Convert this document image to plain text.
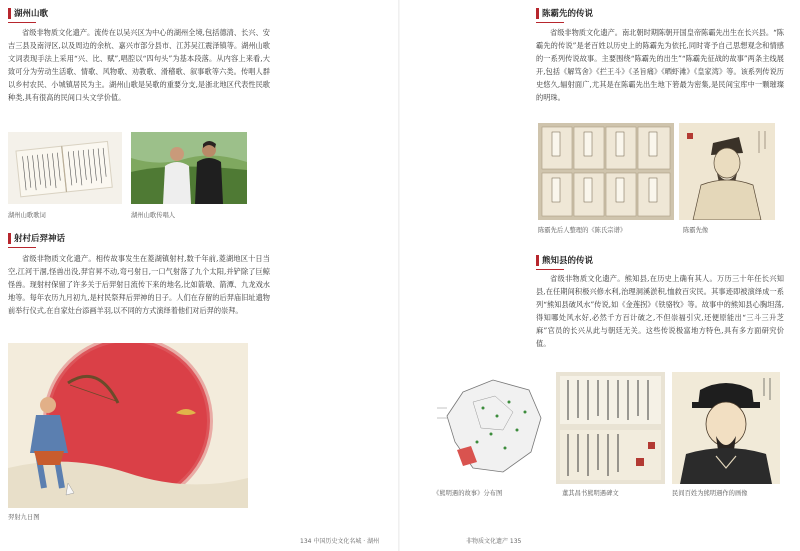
湖州山歌
省级非物质文化遗产。流传在以吴兴区为中心的湖州全境,包括德清、长兴、安吉三县及南浔区,以及周边的余杭、嘉兴市部分县市、江苏吴江震泽镇等。湖州山歌文词表现手法上采用“兴、比、赋”,唱腔以“四句头”为基本段落。从内容上来看,大致可分为劳动生活歌、情歌、风物歌、劝教歌、滑稽歌、叙事歌等六类。传唱人群以乡村农民、小城镇居民为主。湖州山歌是吴歌的重要分支,是浙北地区代表性民歌种类,具有很高的民间口头文学价值。
湖州山歌歌词	湖州山歌传唱人
射村后羿神话
省级非物质文化遗产。相传故事发生在菱湖镇射村,数千年前,菱湖地区十日当空,江河干涸,怪兽出没,羿官昇不动,弯弓射日,一口气射落了九个太阳,并铲除了巨鲸怪兽。现射村保留了许多关于后羿射日流传下来的地名,比如箭墩、箭潭、九龙戏水地等。每年农历九月初九,是村民祭拜后羿神的日子。人们在存留的后羿庙旧址遗物前举行仪式,在自家灶台添画羊羽,以不同的方式演绎着他们对后羿的崇拜。
羿射九日图
134 中国历史文化名城 · 湖州
陈霸先的传说
省级非物质文化遗产。南北朝时期陈朝开国皇帝陈霸先出生在长兴县。“陈霸先的传说”是老百姓以历史上的陈霸先为依托,同时寄予自己思想观念和情感的一系列传说故事。主要围绕“陈霸先的出生”“陈霸先征战的故事”两条主线展开,包括《解笃舍》《拦王斗》《圣旨痛》《晒虾滩》《皇家湾》等。该系列传说历史悠久,辐射面广,尤其是在陈霸先出生地下箬最为密集,是民间宝库中一颗璀璨的明珠。
陈霸先后人整理的《陈氏宗谱》	陈霸先像
熊知县的传说
省级非物质文化遗产。熊知县,在历史上确有其人。万历三十年任长兴知县,在任期间积极兴修水利,治理洞溪淤积,恤救百灾民。其事迹即被演绎成一系列“熊知县破风水”传说,如《金莲拐》《铁骆牧》等。故事中的熊知县心胸坦荡,得知哪处风水好,必然千方百计破之,不但崇福引灾,还便原能出“三斗三升芝麻”官员的长兴从此与朝廷无关。这些传说极富地方特色,具有多方面研究价值。
《熊明遇的故事》分布图	董其昌书熊明遇碑文	民间百姓为熊明遇作的画像
非物质文化遗产 135
